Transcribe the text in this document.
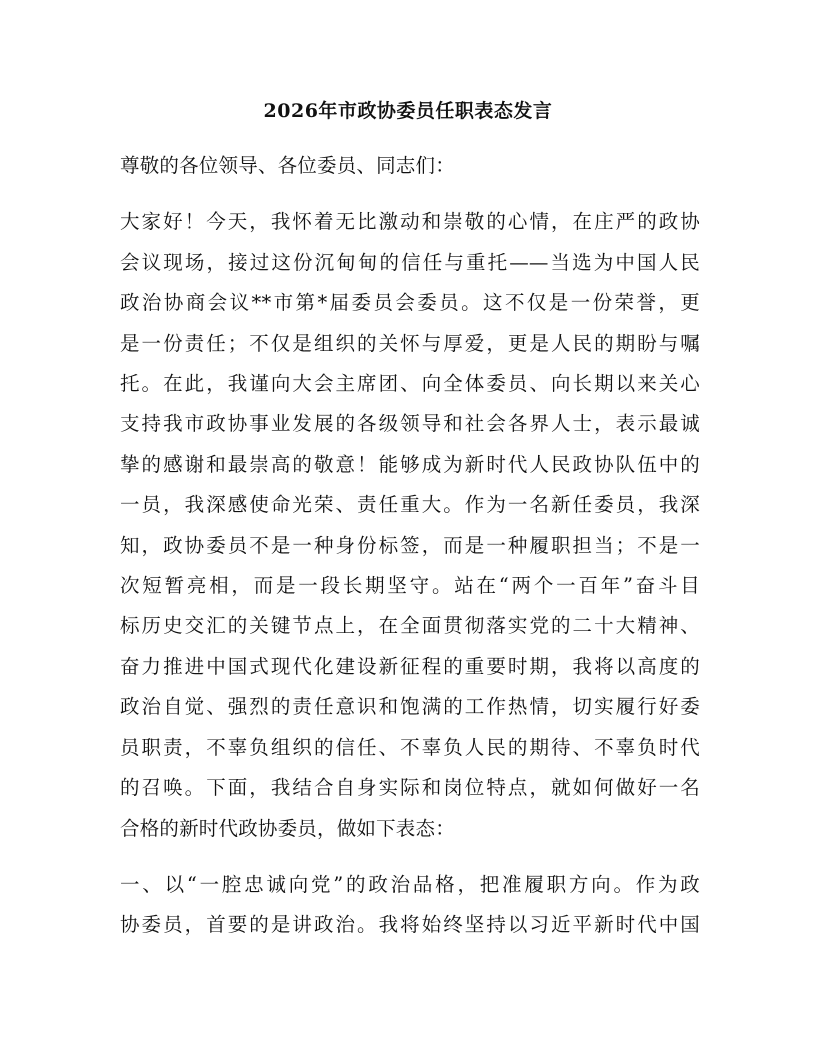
2026年市政协委员任职表态发言

尊敬的各位领导、各位委员、同志们：

大家好！今天，我怀着无比激动和崇敬的心情，在庄严的政协
会议现场，接过这份沉甸甸的信任与重托——当选为中国人民
政治协商会议**市第*届委员会委员。这不仅是一份荣誉，更
是一份责任；不仅是组织的关怀与厚爱，更是人民的期盼与嘱
托。在此，我谨向大会主席团、向全体委员、向长期以来关心
支持我市政协事业发展的各级领导和社会各界人士，表示最诚
挚的感谢和最崇高的敬意！能够成为新时代人民政协队伍中的
一员，我深感使命光荣、责任重大。作为一名新任委员，我深
知，政协委员不是一种身份标签，而是一种履职担当；不是一
次短暂亮相，而是一段长期坚守。站在“两个一百年”奋斗目
标历史交汇的关键节点上，在全面贯彻落实党的二十大精神、
奋力推进中国式现代化建设新征程的重要时期，我将以高度的
政治自觉、强烈的责任意识和饱满的工作热情，切实履行好委
员职责，不辜负组织的信任、不辜负人民的期待、不辜负时代
的召唤。下面，我结合自身实际和岗位特点，就如何做好一名
合格的新时代政协委员，做如下表态：

一、以“一腔忠诚向党”的政治品格，把准履职方向。作为政
协委员，首要的是讲政治。我将始终坚持以习近平新时代中国
